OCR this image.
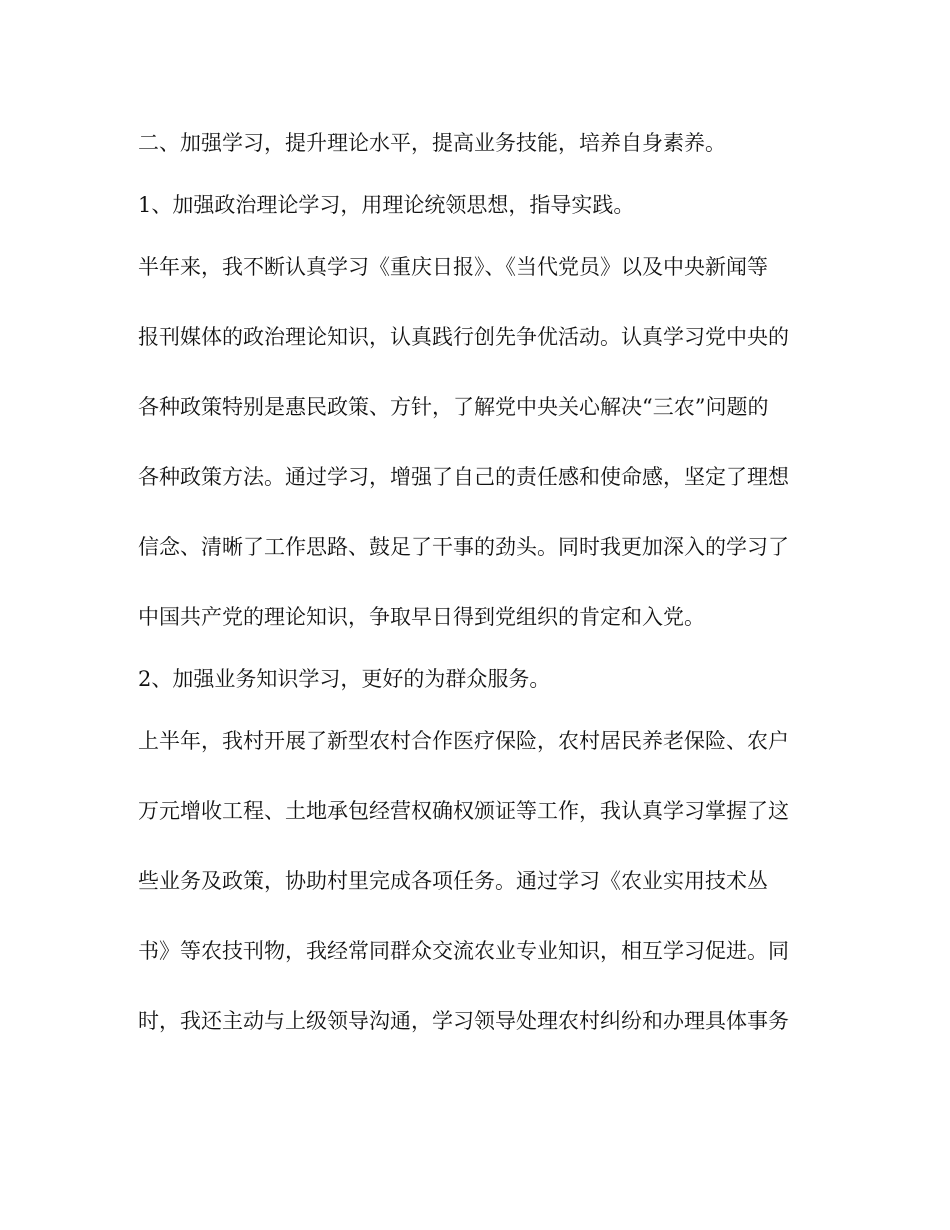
二、加强学习，提升理论水平，提高业务技能，培养自身素养。
1、加强政治理论学习，用理论统领思想，指导实践。
半年来，我不断认真学习《重庆日报》、《当代党员》以及中央新闻等
报刊媒体的政治理论知识，认真践行创先争优活动。认真学习党中央的
各种政策特别是惠民政策、方针，了解党中央关心解决“三农”问题的
各种政策方法。通过学习，增强了自己的责任感和使命感，坚定了理想
信念、清晰了工作思路、鼓足了干事的劲头。同时我更加深入的学习了
中国共产党的理论知识，争取早日得到党组织的肯定和入党。
2、加强业务知识学习，更好的为群众服务。
上半年，我村开展了新型农村合作医疗保险，农村居民养老保险、农户
万元增收工程、土地承包经营权确权颁证等工作，我认真学习掌握了这
些业务及政策，协助村里完成各项任务。通过学习《农业实用技术丛
书》等农技刊物，我经常同群众交流农业专业知识，相互学习促进。同
时，我还主动与上级领导沟通，学习领导处理农村纠纷和办理具体事务
